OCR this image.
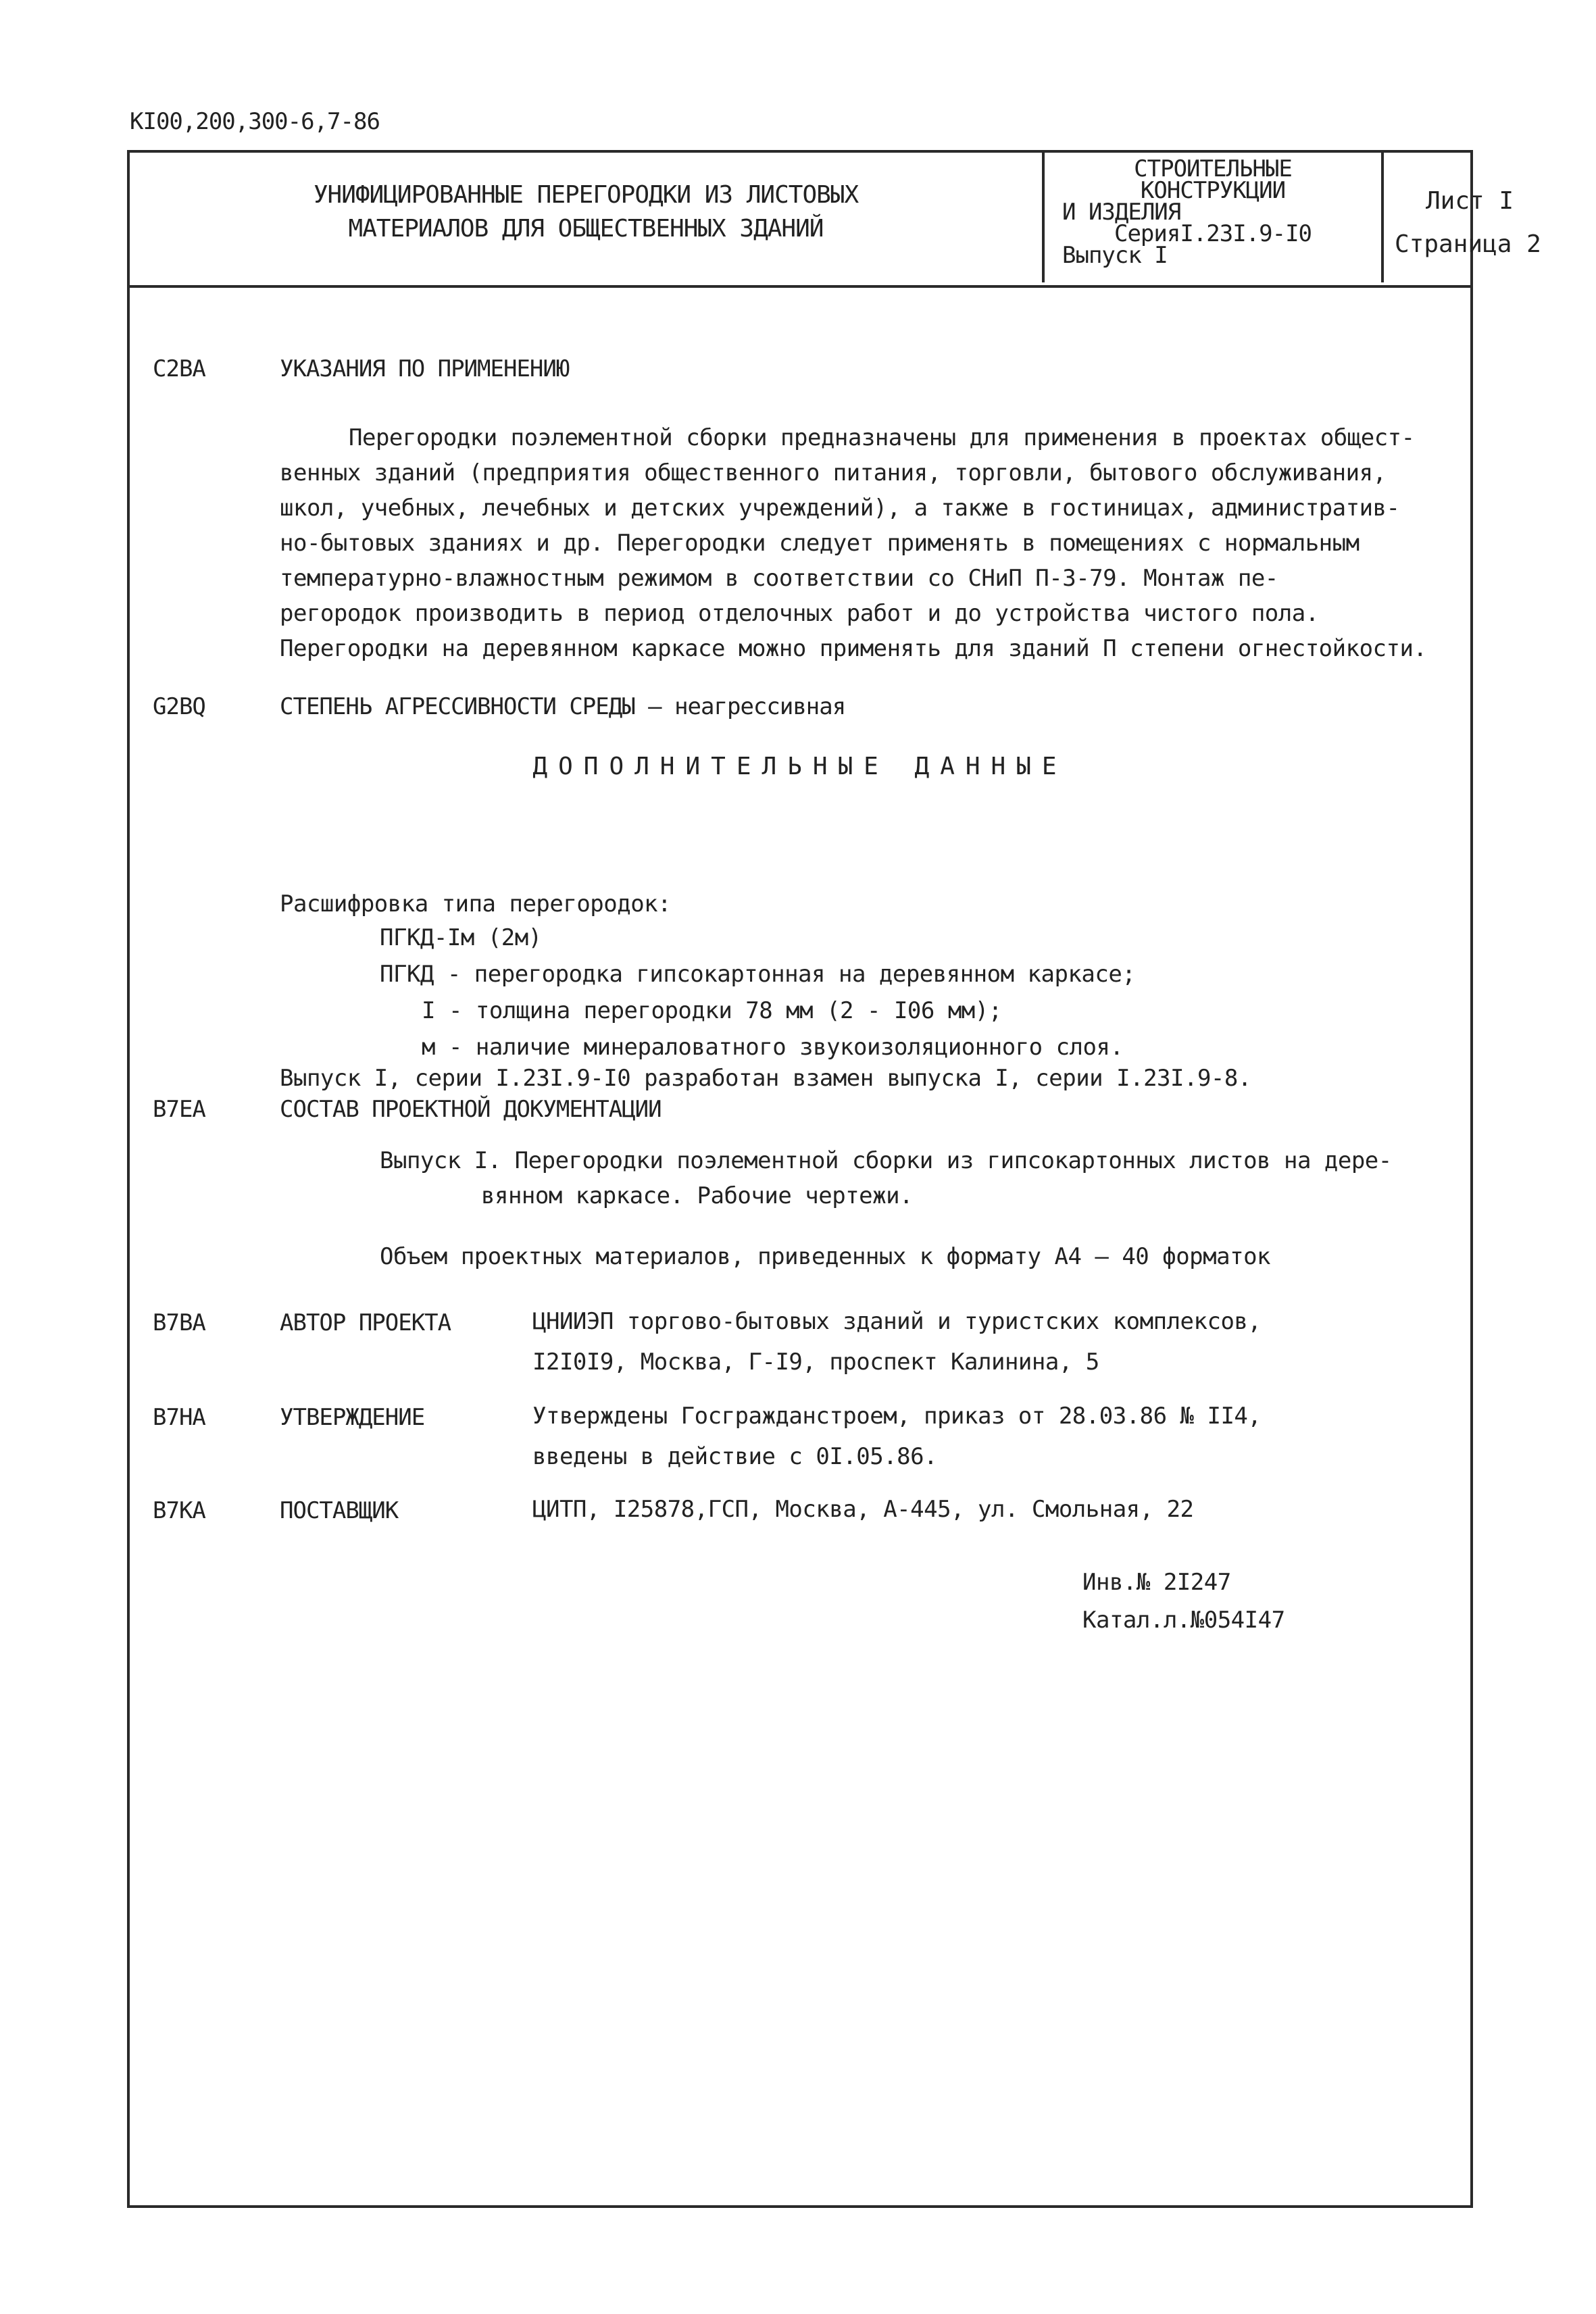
КI00,200,300-6,7-86
УНИФИЦИРОВАННЫЕ ПЕРЕГОРОДКИ ИЗ ЛИСТОВЫХ
МАТЕРИАЛОВ ДЛЯ ОБЩЕСТВЕННЫХ ЗДАНИЙ
СТРОИТЕЛЬНЫЕ
КОНСТРУКЦИИ
И ИЗДЕЛИЯ
СерияI.23I.9-I0
Выпуск I
Лист I
Страница 2
С2ВА	УКАЗАНИЯ ПО ПРИМЕНЕНИЮ
Перегородки поэлементной сборки предназначены для применения в проектах общест-
венных зданий (предприятия общественного питания, торговли, бытового обслуживания,
школ, учебных, лечебных и детских учреждений), а также в гостиницах, административ-
но-бытовых зданиях и др. Перегородки следует применять в помещениях с нормальным
температурно-влажностным режимом в соответствии со СНиП П-3-79. Монтаж пе-
регородок производить в период отделочных работ и до устройства чистого пола.
Перегородки на деревянном каркасе можно применять для зданий П степени огнестойкости.
G2BQ	СТЕПЕНЬ АГРЕССИВНОСТИ СРЕДЫ – неагрессивная
ДОПОЛНИТЕЛЬНЫЕ ДАННЫЕ
Расшифровка типа перегородок:
ПГКД-Iм (2м)
ПГКД - перегородка гипсокартонная на деревянном каркасе;
I - толщина перегородки 78 мм (2 - I06 мм);
м - наличие минераловатного звукоизоляционного слоя.
Выпуск I, серии I.23I.9-I0 разработан взамен выпуска I, серии I.23I.9-8.
В7ЕА	СОСТАВ ПРОЕКТНОЙ ДОКУМЕНТАЦИИ
Выпуск I. Перегородки поэлементной сборки из гипсокартонных листов на дере-
вянном каркасе. Рабочие чертежи.
Объем проектных материалов, приведенных к формату А4 – 40 форматок
В7ВА	АВТОР ПРОЕКТА	ЦНИИЭП торгово-бытовых зданий и туристских комплексов,
I2I0I9, Москва, Г-I9, проспект Калинина, 5
В7НА	УТВЕРЖДЕНИЕ	Утверждены Госгражданстроем, приказ от 28.03.86 № II4,
введены в действие с 0I.05.86.
В7КА	ПОСТАВЩИК	ЦИТП, I25878,ГСП, Москва, А-445, ул. Смольная, 22
Инв.№ 2I247
Катал.л.№054I47
